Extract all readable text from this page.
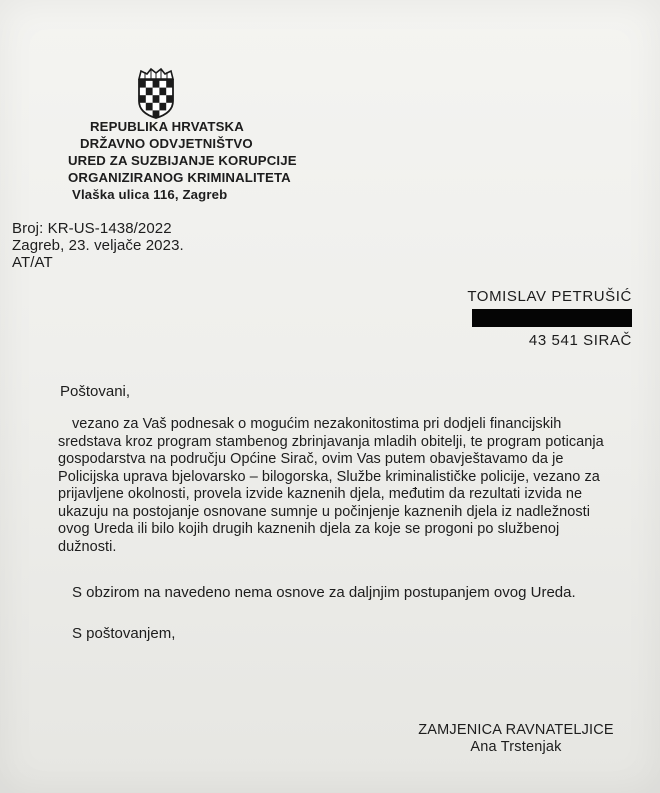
REPUBLIKA HRVATSKA
DRŽAVNO ODVJETNIŠTVO
URED ZA SUZBIJANJE KORUPCIJE
ORGANIZIRANOG KRIMINALITETA
Vlaška ulica 116, Zagreb
Broj: KR-US-1438/2022
Zagreb, 23. veljače 2023.
AT/AT
TOMISLAV PETRUŠIĆ
43 541 SIRAČ
Poštovani,
vezano za Vaš podnesak o mogućim nezakonitostima pri dodjeli financijskih
sredstava kroz program stambenog zbrinjavanja mladih obitelji, te program poticanja
gospodarstva na području Općine Sirač, ovim Vas putem obavještavamo da je
Policijska uprava bjelovarsko – bilogorska, Službe kriminalističke policije, vezano za
prijavljene okolnosti, provela izvide kaznenih djela, međutim da rezultati izvida ne
ukazuju na postojanje osnovane sumnje u počinjenje kaznenih djela iz nadležnosti
ovog Ureda ili bilo kojih drugih kaznenih djela za koje se progoni po službenoj
dužnosti.
S obzirom na navedeno nema osnove za daljnjim postupanjem ovog Ureda.
S poštovanjem,
ZAMJENICA RAVNATELJICE
Ana Trstenjak
